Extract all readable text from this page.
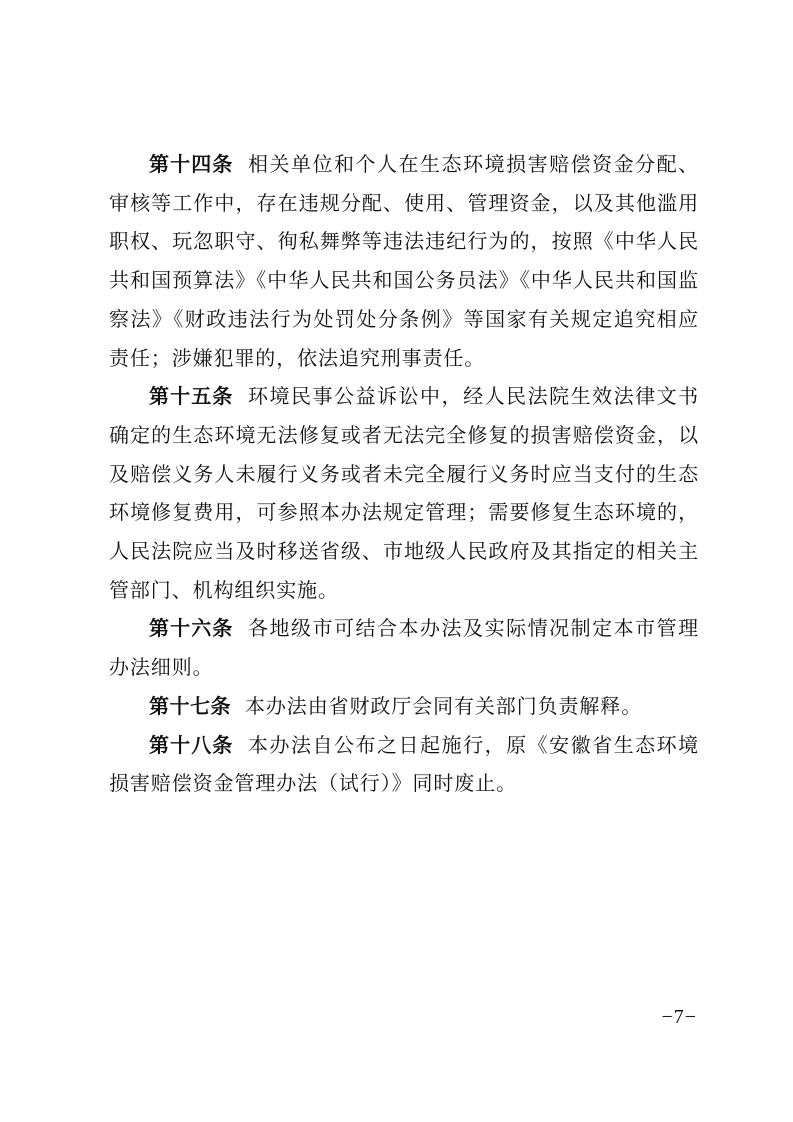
第十四条 相关单位和个人在生态环境损害赔偿资金分配、审核等工作中，存在违规分配、使用、管理资金，以及其他滥用职权、玩忽职守、徇私舞弊等违法违纪行为的，按照《中华人民共和国预算法》《中华人民共和国公务员法》《中华人民共和国监察法》《财政违法行为处罚处分条例》等国家有关规定追究相应责任；涉嫌犯罪的，依法追究刑事责任。

第十五条 环境民事公益诉讼中，经人民法院生效法律文书确定的生态环境无法修复或者无法完全修复的损害赔偿资金，以及赔偿义务人未履行义务或者未完全履行义务时应当支付的生态环境修复费用，可参照本办法规定管理；需要修复生态环境的，人民法院应当及时移送省级、市地级人民政府及其指定的相关主管部门、机构组织实施。

第十六条 各地级市可结合本办法及实际情况制定本市管理办法细则。

第十七条 本办法由省财政厅会同有关部门负责解释。

第十八条 本办法自公布之日起施行，原《安徽省生态环境损害赔偿资金管理办法（试行）》同时废止。

−7−
